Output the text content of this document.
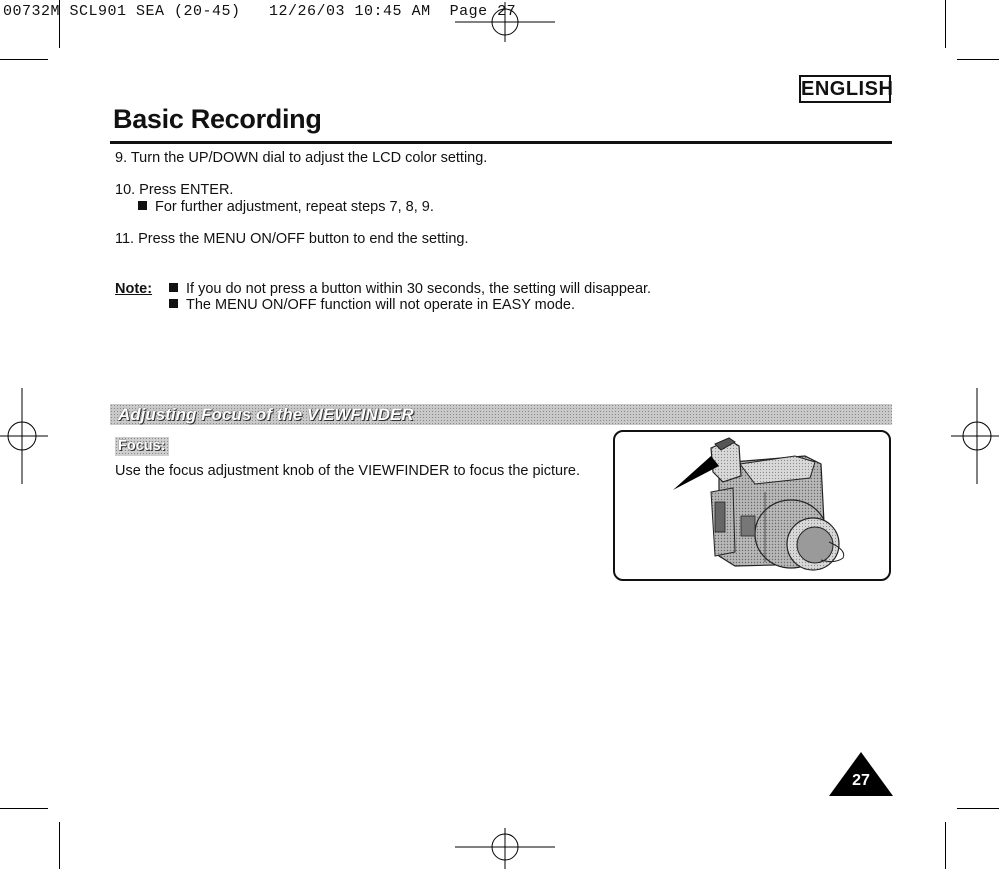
00732M SCL901 SEA (20-45)   12/26/03 10:45 AM  Page 27
ENGLISH
Basic Recording
9. Turn the UP/DOWN dial to adjust the LCD color setting.
10. Press ENTER.
For further adjustment, repeat steps 7, 8, 9.
11. Press the MENU ON/OFF button to end the setting.
Note:	If you do not press a button within 30 seconds, the setting will disappear.
The MENU ON/OFF function will not operate in EASY mode.
Adjusting Focus of the VIEWFINDER
Focus:
Use the focus adjustment knob of the VIEWFINDER to focus the picture.
27
